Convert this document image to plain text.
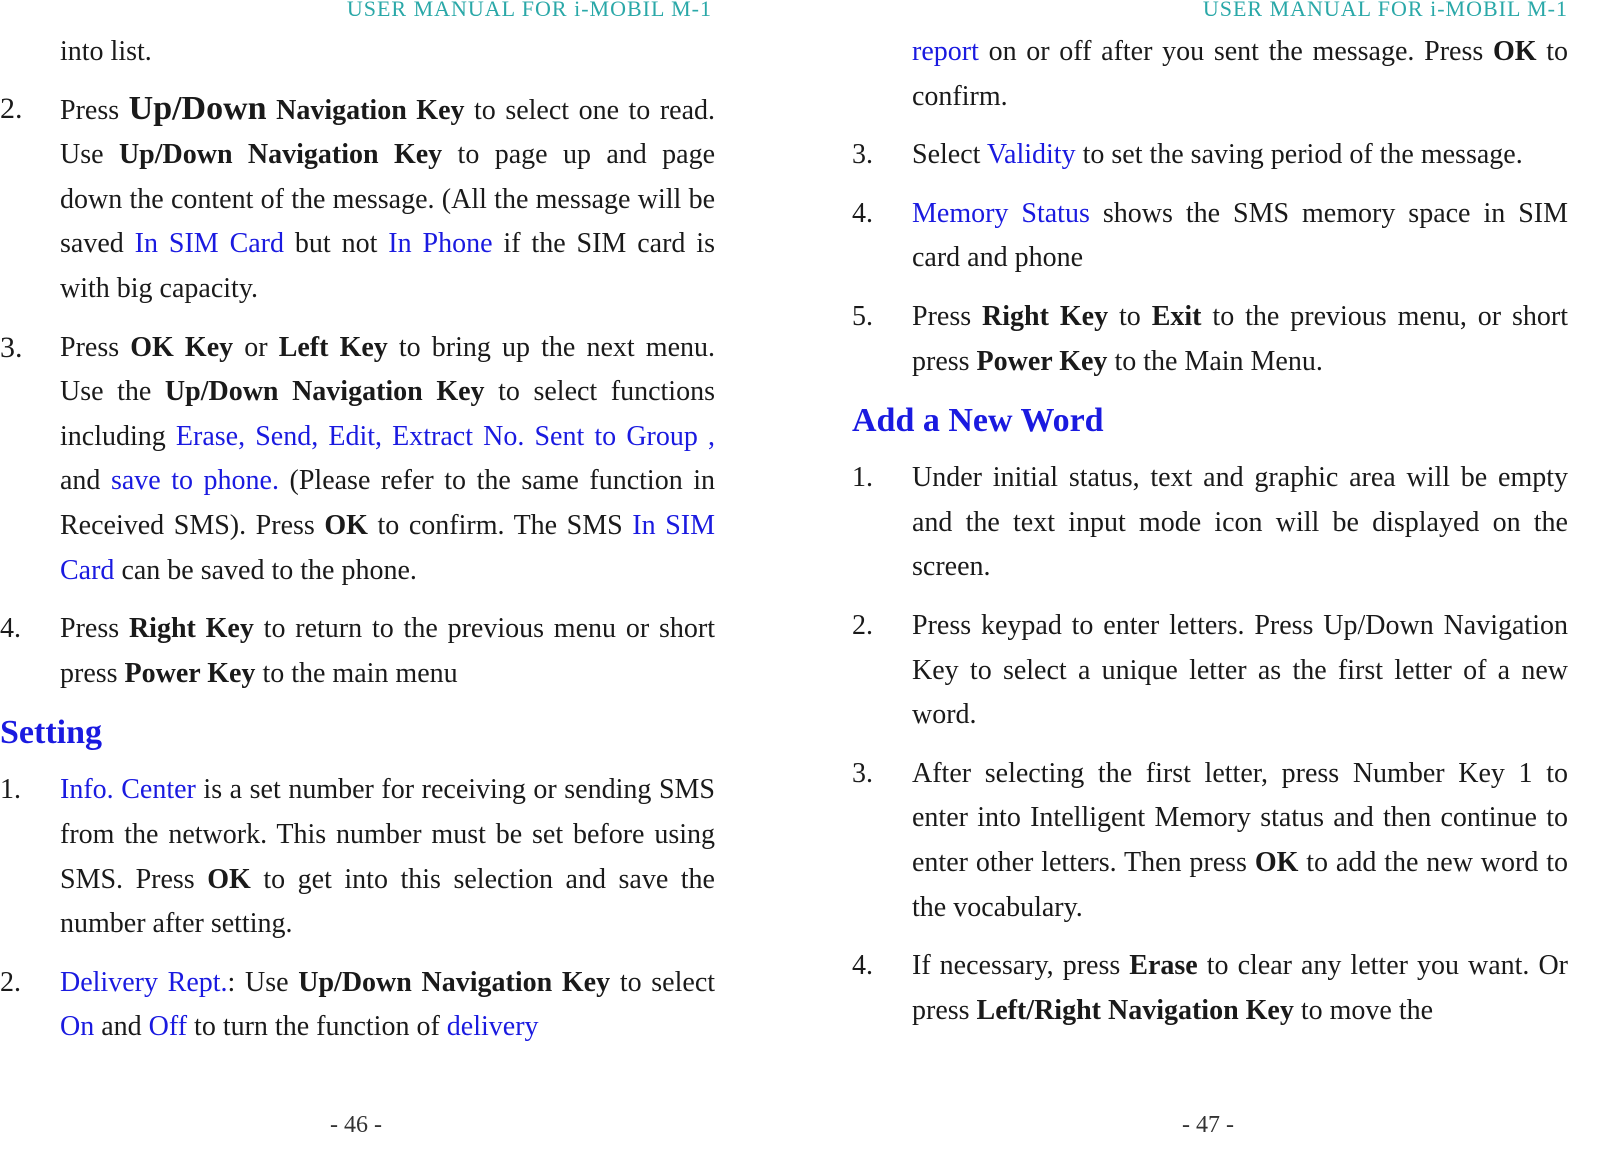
USER MANUAL FOR i-MOBIL M-1

into list.

2. Press Up/Down Navigation Key to select one to read. Use Up/Down Navigation Key to page up and page down the content of the message. (All the message will be saved In SIM Card but not In Phone if the SIM card is with big capacity.
3. Press OK Key or Left Key to bring up the next menu. Use the Up/Down Navigation Key to select functions including Erase, Send, Edit, Extract No. Sent to Group , and save to phone. (Please refer to the same function in Received SMS). Press OK to confirm. The SMS In SIM Card can be saved to the phone.
4. Press Right Key to return to the previous menu or short press Power Key to the main menu
Setting
1. Info. Center is a set number for receiving or sending SMS from the network. This number must be set before using SMS. Press OK to get into this selection and save the number after setting.
2. Delivery Rept.: Use Up/Down Navigation Key to select On and Off to turn the function of delivery
- 46 -
USER MANUAL FOR i-MOBIL M-1

report on or off after you sent the message. Press OK to confirm.

3. Select Validity to set the saving period of the message.
4. Memory Status shows the SMS memory space in SIM card and phone
5. Press Right Key to Exit to the previous menu, or short press Power Key to the Main Menu.
Add a New Word
1. Under initial status, text and graphic area will be empty and the text input mode icon will be displayed on the screen.
2. Press keypad to enter letters. Press Up/Down Navigation Key to select a unique letter as the first letter of a new word.
3. After selecting the first letter, press Number Key 1 to enter into Intelligent Memory status and then continue to enter other letters. Then press OK to add the new word to the vocabulary.
4. If necessary, press Erase to clear any letter you want. Or press Left/Right Navigation Key to move the
- 47 -
